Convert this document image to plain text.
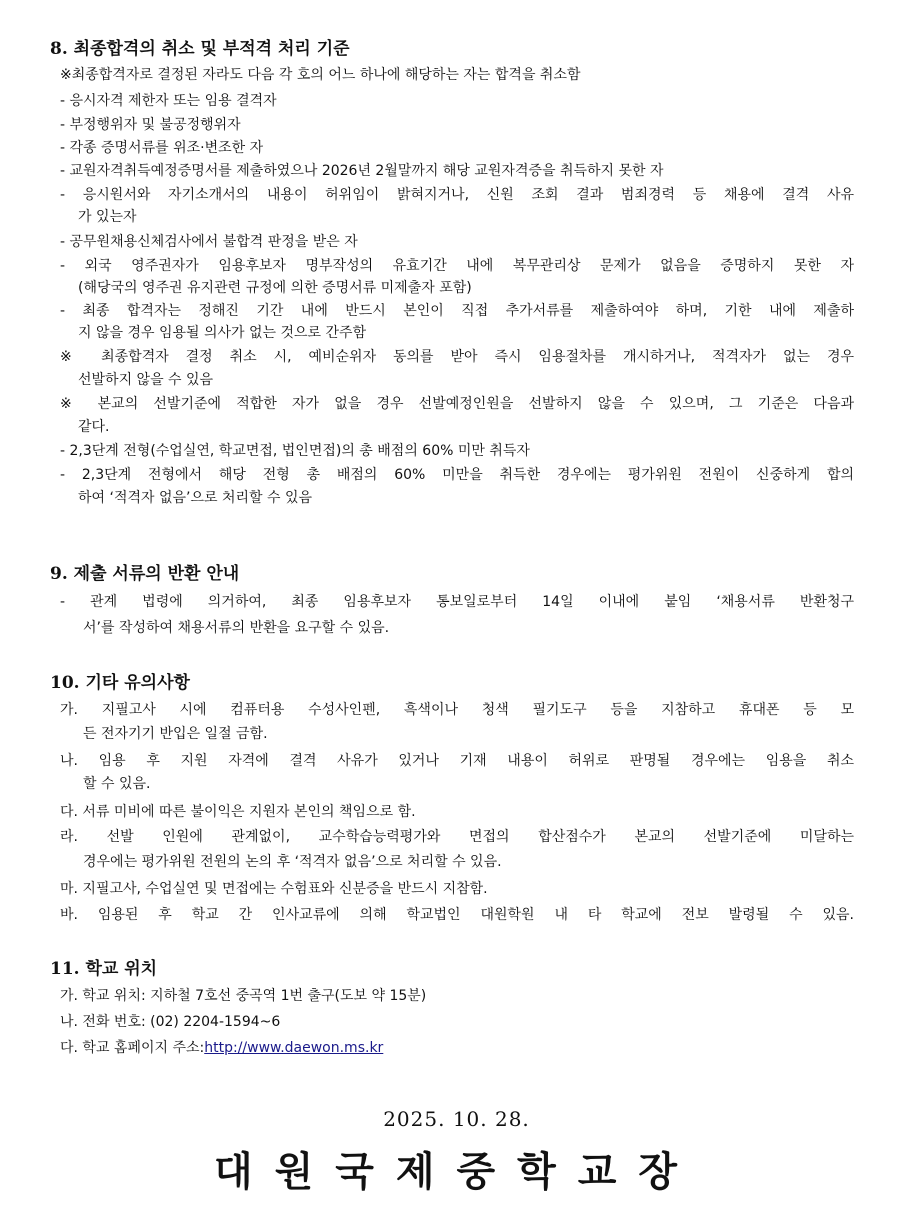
8. 최종합격의 취소 및 부적격 처리 기준
※최종합격자로 결정된 자라도 다음 각 호의 어느 하나에 해당하는 자는 합격을 취소함
- 응시자격 제한자 또는 임용 결격자
- 부정행위자 및 불공정행위자
- 각종 증명서류를 위조·변조한 자
- 교원자격취득예정증명서를 제출하였으나 2026년 2월말까지 해당 교원자격증을 취득하지 못한 자
- 응시원서와 자기소개서의 내용이 허위임이 밝혀지거나, 신원 조회 결과 범죄경력 등 채용에 결격 사유
가 있는자
- 공무원채용신체검사에서 불합격 판정을 받은 자
- 외국 영주권자가 임용후보자 명부작성의 유효기간 내에 복무관리상 문제가 없음을 증명하지 못한 자
(해당국의 영주권 유지관련 규정에 의한 증명서류 미제출자 포함)
- 최종 합격자는 정해진 기간 내에 반드시 본인이 직접 추가서류를 제출하여야 하며, 기한 내에 제출하
지 않을 경우 임용될 의사가 없는 것으로 간주함
※ 최종합격자 결정 취소 시, 예비순위자 동의를 받아 즉시 임용절차를 개시하거나, 적격자가 없는 경우
선발하지 않을 수 있음
※ 본교의 선발기준에 적합한 자가 없을 경우 선발예정인원을 선발하지 않을 수 있으며, 그 기준은 다음과
같다.
- 2,3단계 전형(수업실연, 학교면접, 법인면접)의 총 배점의 60% 미만 취득자
- 2,3단계 전형에서 해당 전형 총 배점의 60% 미만을 취득한 경우에는 평가위원 전원이 신중하게 합의
하여 ‘적격자 없음’으로 처리할 수 있음
9. 제출 서류의 반환 안내
- 관계 법령에 의거하여, 최종 임용후보자 통보일로부터 14일 이내에 붙임 ‘채용서류 반환청구
서’를 작성하여 채용서류의 반환을 요구할 수 있음.
10. 기타 유의사항
가. 지필고사 시에 컴퓨터용 수성사인펜, 흑색이나 청색 필기도구 등을 지참하고 휴대폰 등 모
든 전자기기 반입은 일절 금함.
나. 임용 후 지원 자격에 결격 사유가 있거나 기재 내용이 허위로 판명될 경우에는 임용을 취소
할 수 있음.
다. 서류 미비에 따른 불이익은 지원자 본인의 책임으로 함.
라. 선발 인원에 관계없이, 교수학습능력평가와 면접의 합산점수가 본교의 선발기준에 미달하는
경우에는 평가위원 전원의 논의 후 ‘적격자 없음’으로 처리할 수 있음.
마. 지필고사, 수업실연 및 면접에는 수험표와 신분증을 반드시 지참함.
바. 임용된 후 학교 간 인사교류에 의해 학교법인 대원학원 내 타 학교에 전보 발령될 수 있음.
11. 학교 위치
가. 학교 위치: 지하철 7호선 중곡역 1번 출구(도보 약 15분)
나. 전화 번호: (02) 2204-1594~6
다. 학교 홈페이지 주소:http://www.daewon.ms.kr
2025. 10. 28.
대원국제중학교장
